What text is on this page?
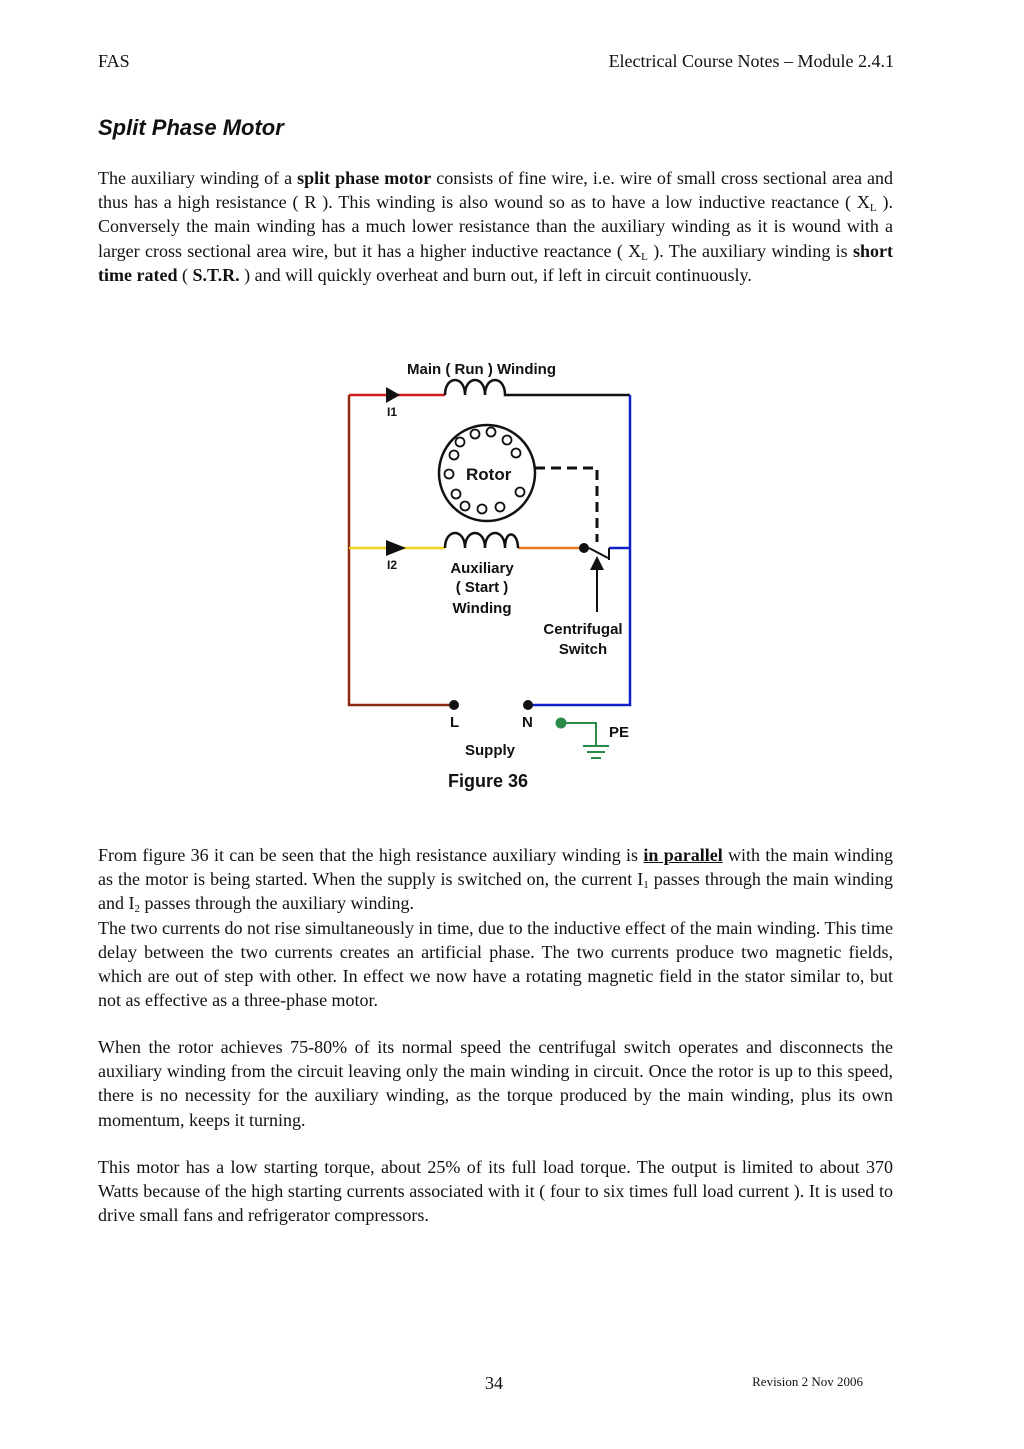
FAS	Electrical Course Notes – Module 2.4.1
Split Phase Motor

The auxiliary winding of a split phase motor consists of fine wire, i.e. wire of small cross sectional area and thus has a high resistance ( R ). This winding is also wound so as to have a low inductive reactance ( $X_L$ ). Conversely the main winding has a much lower resistance than the auxiliary winding as it is wound with a larger cross sectional area wire, but it has a higher inductive reactance ( $X_L$ ). The auxiliary winding is short time rated ( S.T.R. ) and will quickly overheat and burn out, if left in circuit continuously.

Main ( Run ) Winding
I1
Rotor
I2	Auxiliary
( Start )
Winding
Centrifugal
Switch
L	N
PE
Supply
Figure 36

From figure 36 it can be seen that the high resistance auxiliary winding is in parallel with the main winding as the motor is being started. When the supply is switched on, the current $I_1$ passes through the main winding and $I_2$ passes through the auxiliary winding.
The two currents do not rise simultaneously in time, due to the inductive effect of the main winding. This time delay between the two currents creates an artificial phase. The two currents produce two magnetic fields, which are out of step with other. In effect we now have a rotating magnetic field in the stator similar to, but not as effective as a three-phase motor.

When the rotor achieves 75-80% of its normal speed the centrifugal switch operates and disconnects the auxiliary winding from the circuit leaving only the main winding in circuit. Once the rotor is up to this speed, there is no necessity for the auxiliary winding, as the torque produced by the main winding, plus its own momentum, keeps it turning.

This motor has a low starting torque, about 25% of its full load torque. The output is limited to about 370 Watts because of the high starting currents associated with it ( four to six times full load current ). It is used to drive small fans and refrigerator compressors.

34	Revision 2 Nov 2006
